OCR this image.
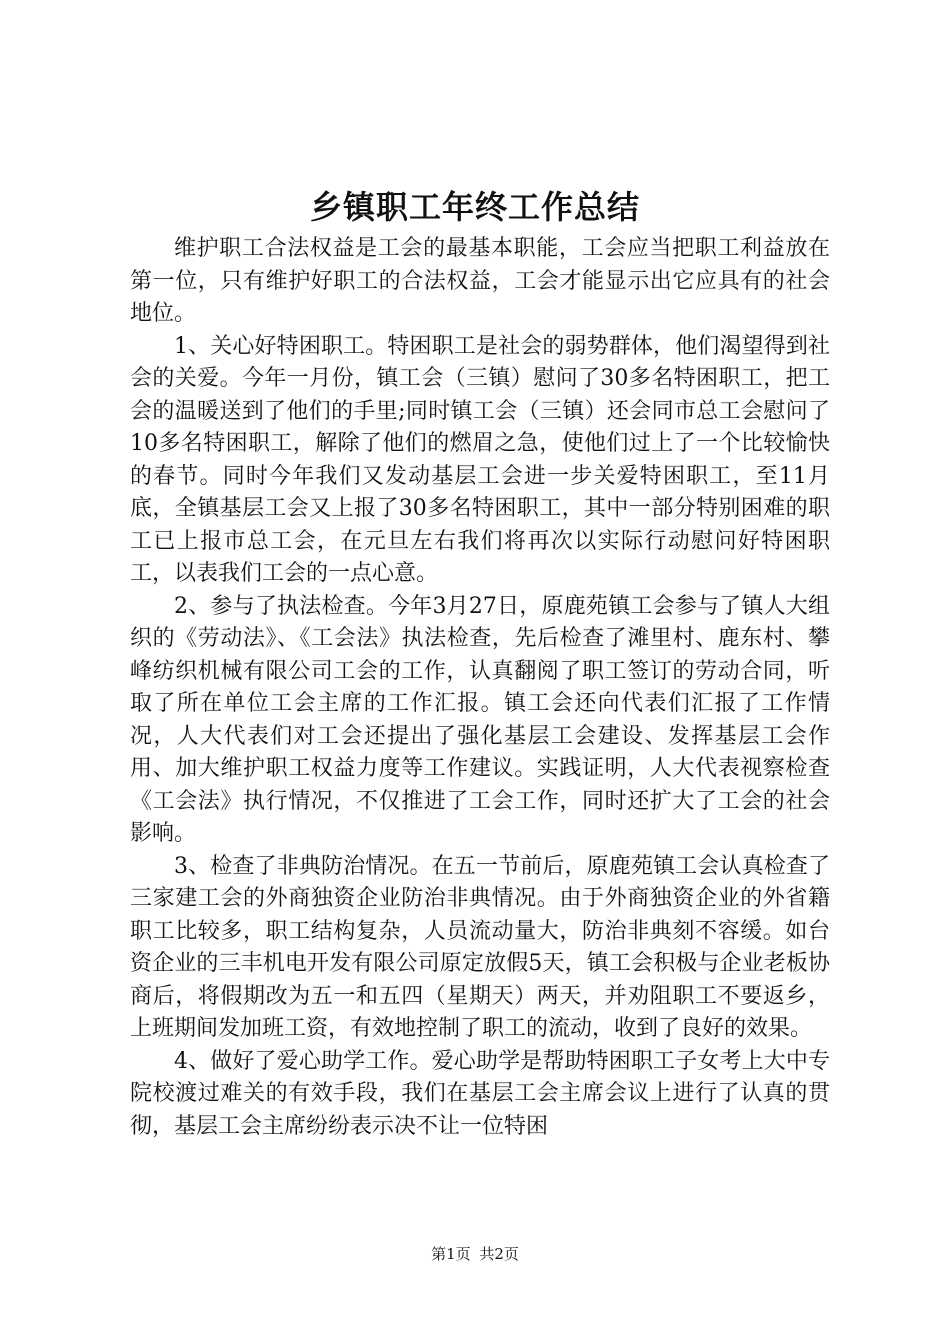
乡镇职工年终工作总结

维护职工合法权益是工会的最基本职能，工会应当把职工利益放在第一位，只有维护好职工的合法权益，工会才能显示出它应具有的社会地位。

1、关心好特困职工。特困职工是社会的弱势群体，他们渴望得到社会的关爱。今年一月份，镇工会（三镇）慰问了30多名特困职工，把工会的温暖送到了他们的手里;同时镇工会（三镇）还会同市总工会慰问了10多名特困职工，解除了他们的燃眉之急，使他们过上了一个比较愉快的春节。同时今年我们又发动基层工会进一步关爱特困职工，至11月底，全镇基层工会又上报了30多名特困职工，其中一部分特别困难的职工已上报市总工会，在元旦左右我们将再次以实际行动慰问好特困职工，以表我们工会的一点心意。

2、参与了执法检查。今年3月27日，原鹿苑镇工会参与了镇人大组织的《劳动法》、《工会法》执法检查，先后检查了滩里村、鹿东村、攀峰纺织机械有限公司工会的工作，认真翻阅了职工签订的劳动合同，听取了所在单位工会主席的工作汇报。镇工会还向代表们汇报了工作情况，人大代表们对工会还提出了强化基层工会建设、发挥基层工会作用、加大维护职工权益力度等工作建议。实践证明，人大代表视察检查《工会法》执行情况，不仅推进了工会工作，同时还扩大了工会的社会影响。

3、检查了非典防治情况。在五一节前后，原鹿苑镇工会认真检查了三家建工会的外商独资企业防治非典情况。由于外商独资企业的外省籍职工比较多，职工结构复杂，人员流动量大，防治非典刻不容缓。如台资企业的三丰机电开发有限公司原定放假5天，镇工会积极与企业老板协商后，将假期改为五一和五四（星期天）两天，并劝阻职工不要返乡，上班期间发加班工资，有效地控制了职工的流动，收到了良好的效果。

4、做好了爱心助学工作。爱心助学是帮助特困职工子女考上大中专院校渡过难关的有效手段，我们在基层工会主席会议上进行了认真的贯彻，基层工会主席纷纷表示决不让一位特困

第1页 共2页
